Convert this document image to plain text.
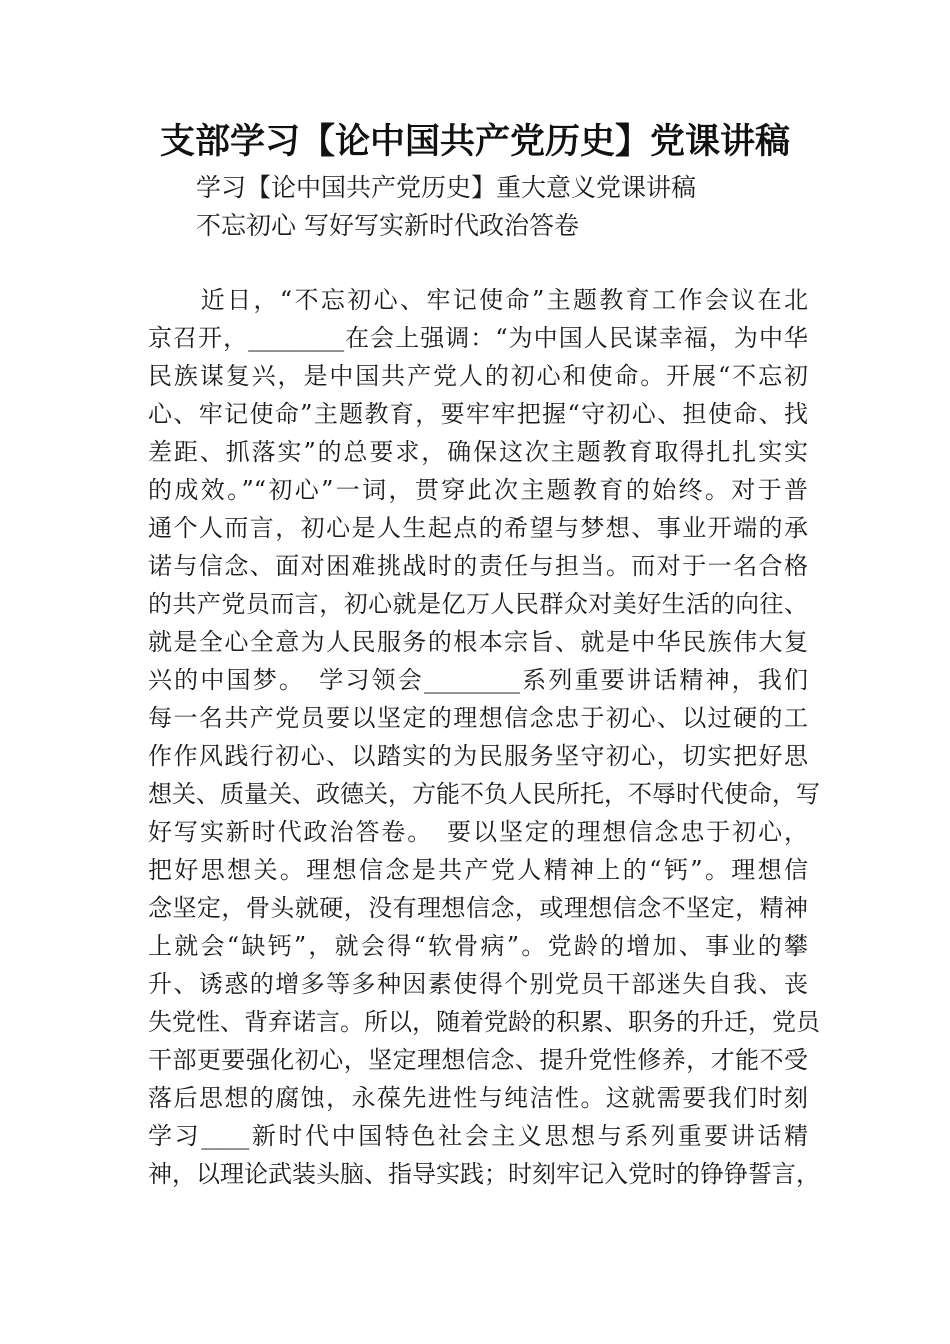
支部学习【论中国共产党历史】党课讲稿
学习【论中国共产党历史】重大意义党课讲稿
不忘初心 写好写实新时代政治答卷
　　近日，“不忘初心、牢记使命”主题教育工作会议在北
京召开，________在会上强调：“为中国人民谋幸福，为中华
民族谋复兴，是中国共产党人的初心和使命。开展“不忘初
心、牢记使命”主题教育，要牢牢把握“守初心、担使命、找
差距、抓落实”的总要求，确保这次主题教育取得扎扎实实
的成效。”“初心”一词，贯穿此次主题教育的始终。对于普
通个人而言，初心是人生起点的希望与梦想、事业开端的承
诺与信念、面对困难挑战时的责任与担当。而对于一名合格
的共产党员而言，初心就是亿万人民群众对美好生活的向往、
就是全心全意为人民服务的根本宗旨、就是中华民族伟大复
兴的中国梦。　学习领会________系列重要讲话精神，我们
每一名共产党员要以坚定的理想信念忠于初心、以过硬的工
作作风践行初心、以踏实的为民服务坚守初心，切实把好思
想关、质量关、政德关，方能不负人民所托，不辱时代使命，写
好写实新时代政治答卷。　要以坚定的理想信念忠于初心，
把好思想关。理想信念是共产党人精神上的“钙”。理想信
念坚定，骨头就硬，没有理想信念，或理想信念不坚定，精神
上就会“缺钙”，就会得“软骨病”。党龄的增加、事业的攀
升、诱惑的增多等多种因素使得个别党员干部迷失自我、丧
失党性、背弃诺言。所以，随着党龄的积累、职务的升迁，党员
干部更要强化初心，坚定理想信念、提升党性修养，才能不受
落后思想的腐蚀，永葆先进性与纯洁性。这就需要我们时刻
学习____新时代中国特色社会主义思想与系列重要讲话精
神，以理论武装头脑、指导实践；时刻牢记入党时的铮铮誓言，
